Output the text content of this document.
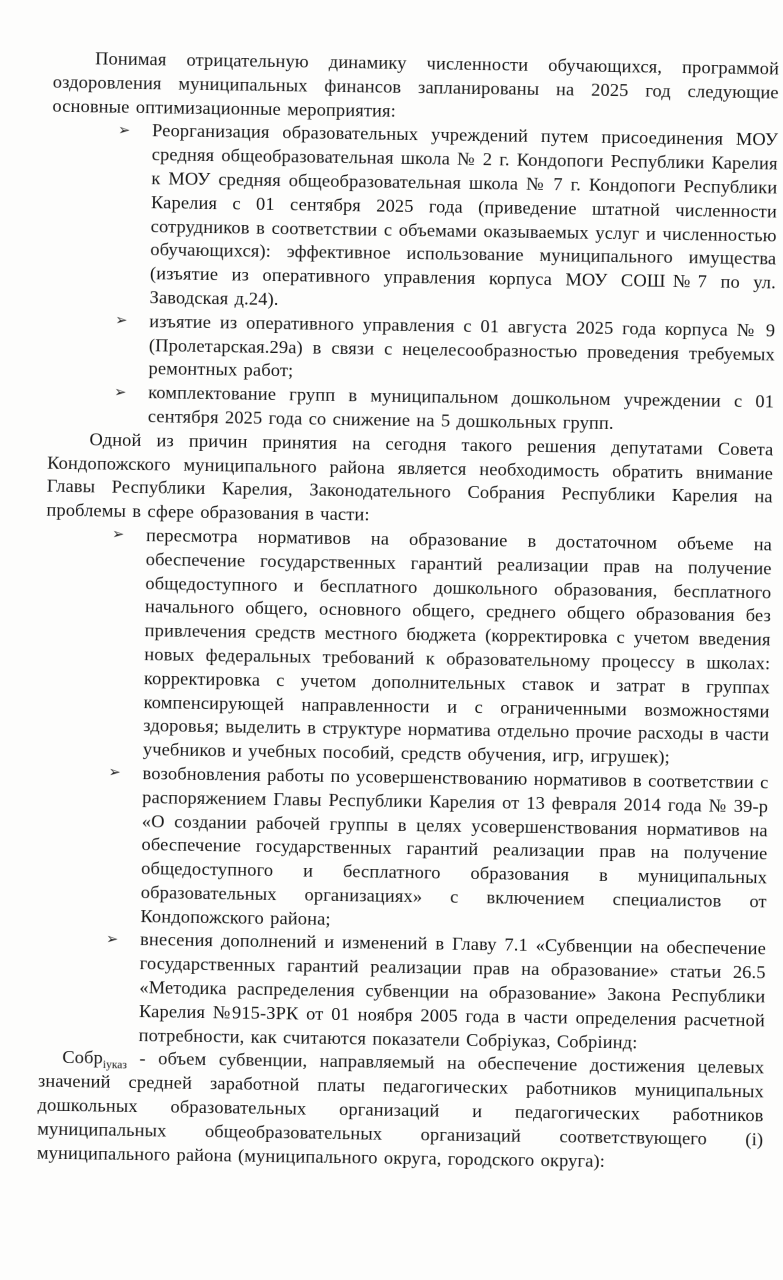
Понимая отрицательную динамику численности обучающихся, программой оздоровления муниципальных финансов запланированы на 2025 год следующие основные оптимизационные мероприятия:

➢ Реорганизация образовательных учреждений путем присоединения МОУ средняя общеобразовательная школа № 2 г. Кондопоги Республики Карелия к МОУ средняя общеобразовательная школа № 7 г. Кондопоги Республики Карелия с 01 сентября 2025 года (приведение штатной численности сотрудников в соответствии с объемами оказываемых услуг и численностью обучающихся): эффективное использование муниципального имущества (изъятие из оперативного управления корпуса МОУ СОШ№7 по ул. Заводская д.24).
➢ изъятие из оперативного управления с 01 августа 2025 года корпуса № 9 (Пролетарская.29а) в связи с нецелесообразностью проведения требуемых ремонтных работ;
➢ комплектование групп в муниципальном дошкольном учреждении с 01 сентября 2025 года со снижение на 5 дошкольных групп.

Одной из причин принятия на сегодня такого решения депутатами Совета Кондопожского муниципального района является необходимость обратить внимание Главы Республики Карелия, Законодательного Собрания Республики Карелия на проблемы в сфере образования в части:

➢ пересмотра нормативов на образование в достаточном объеме на обеспечение государственных гарантий реализации прав на получение общедоступного и бесплатного дошкольного образования, бесплатного начального общего, основного общего, среднего общего образования без привлечения средств местного бюджета (корректировка с учетом введения новых федеральных требований к образовательному процессу в школах: корректировка с учетом дополнительных ставок и затрат в группах компенсирующей направленности и с ограниченными возможностями здоровья; выделить в структуре норматива отдельно прочие расходы в части учебников и учебных пособий, средств обучения, игр, игрушек);
➢ возобновления работы по усовершенствованию нормативов в соответствии с распоряжением Главы Республики Карелия от 13 февраля 2014 года № 39-р «О создании рабочей группы в целях усовершенствования нормативов на обеспечение государственных гарантий реализации прав на получение общедоступного и бесплатного образования в муниципальных образовательных организациях» с включением специалистов от Кондопожского района;
➢ внесения дополнений и изменений в Главу 7.1 «Субвенции на обеспечение государственных гарантий реализации прав на образование» статьи 26.5 «Методика распределения субвенции на образование» Закона Республики Карелия №915-ЗРК от 01 ноября 2005 года в части определения расчетной потребности, как считаются показатели Собрiуказ, Собрiинд:

Собр$_{iуказ}$ - объем субвенции, направляемый на обеспечение достижения целевых значений средней заработной платы педагогических работников муниципальных дошкольных образовательных организаций и педагогических работников муниципальных общеобразовательных организаций соответствующего (i) муниципального района (муниципального округа, городского округа):
